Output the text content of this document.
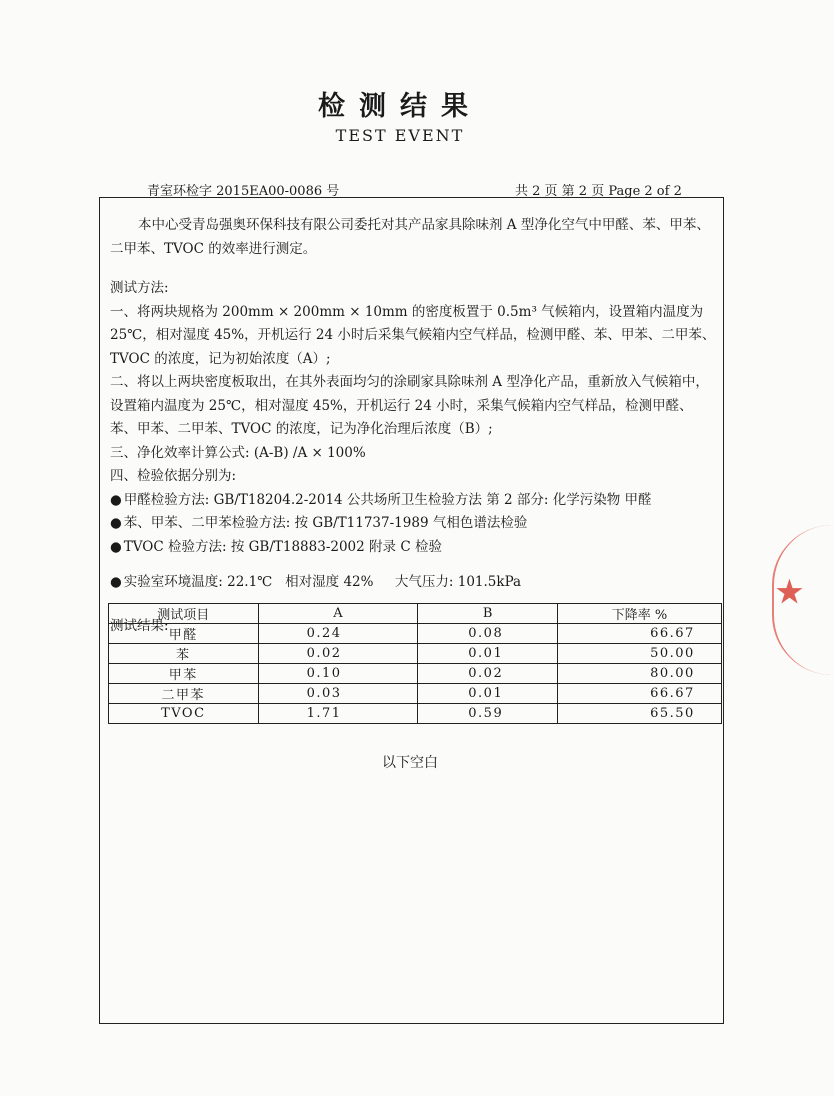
检测结果
TEST EVENT
青室环检字 2015EA00-0086 号	共 2 页 第 2 页 Page 2 of 2

本中心受青岛强奥环保科技有限公司委托对其产品家具除味剂 A 型净化空气中甲醛、苯、甲苯、二甲苯、TVOC 的效率进行测定。

测试方法:

一、将两块规格为 200mm × 200mm × 10mm 的密度板置于 0.5m³ 气候箱内，设置箱内温度为 25℃，相对湿度 45%，开机运行 24 小时后采集气候箱内空气样品，检测甲醛、苯、甲苯、二甲苯、TVOC 的浓度，记为初始浓度（A）;

二、将以上两块密度板取出，在其外表面均匀的涂刷家具除味剂 A 型净化产品，重新放入气候箱中，设置箱内温度为 25℃，相对湿度 45%，开机运行 24 小时，采集气候箱内空气样品，检测甲醛、苯、甲苯、二甲苯、TVOC 的浓度，记为净化治理后浓度（B）;

三、净化效率计算公式: (A-B) /A × 100%

四、检验依据分别为:

● 甲醛检验方法: GB/T18204.2-2014 公共场所卫生检验方法 第 2 部分: 化学污染物 甲醛

● 苯、甲苯、二甲苯检验方法: 按 GB/T11737-1989 气相色谱法检验

● TVOC 检验方法: 按 GB/T18883-2002 附录 C 检验

● 实验室环境温度: 22.1℃   相对湿度 42%     大气压力: 101.5kPa

测试结果:

测试项目	A	B	下降率 %
甲醛	0.24	0.08	66.67
苯	0.02	0.01	50.00
甲苯	0.10	0.02	80.00
二甲苯	0.03	0.01	66.67
TVOC	1.71	0.59	65.50
以下空白
★
